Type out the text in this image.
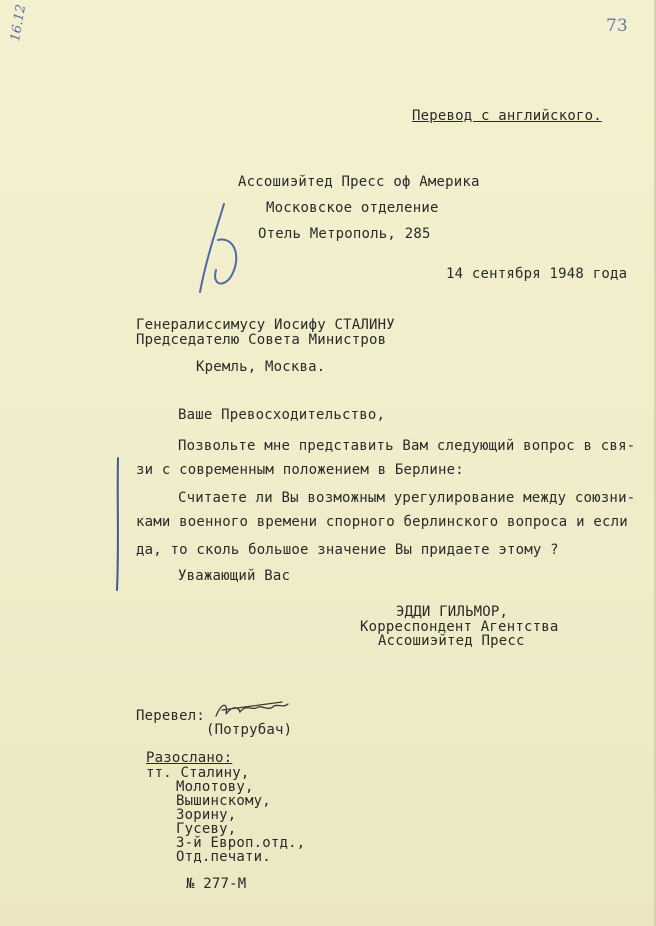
16.12	73
Перевод с английского.
Ассошиэйтед Пресс оф Америка
Московское отделение
Отель Метрополь, 285
14 сентября 1948 года
Генералиссимусу Иосифу СТАЛИНУ
Председателю Совета Министров
Кремль, Москва.
Ваше Превосходительство,
Позвольте мне представить Вам следующий вопрос в свя-
зи с современным положением в Берлине:
Считаете ли Вы возможным урегулирование между союзни-
ками военного времени спорного берлинского вопроса и если
да, то сколь большое значение Вы придаете этому ?
Уважающий Вас
ЭДДИ ГИЛЬМОР,
Корреспондент Агентства
Ассошиэйтед Пресс
Перевел:
(Потрубач)
Разослано:
тт. Сталину,
Молотову,
Вышинскому,
Зорину,
Гусеву,
3-й Европ.отд.,
Отд.печати.
№ 277-М
